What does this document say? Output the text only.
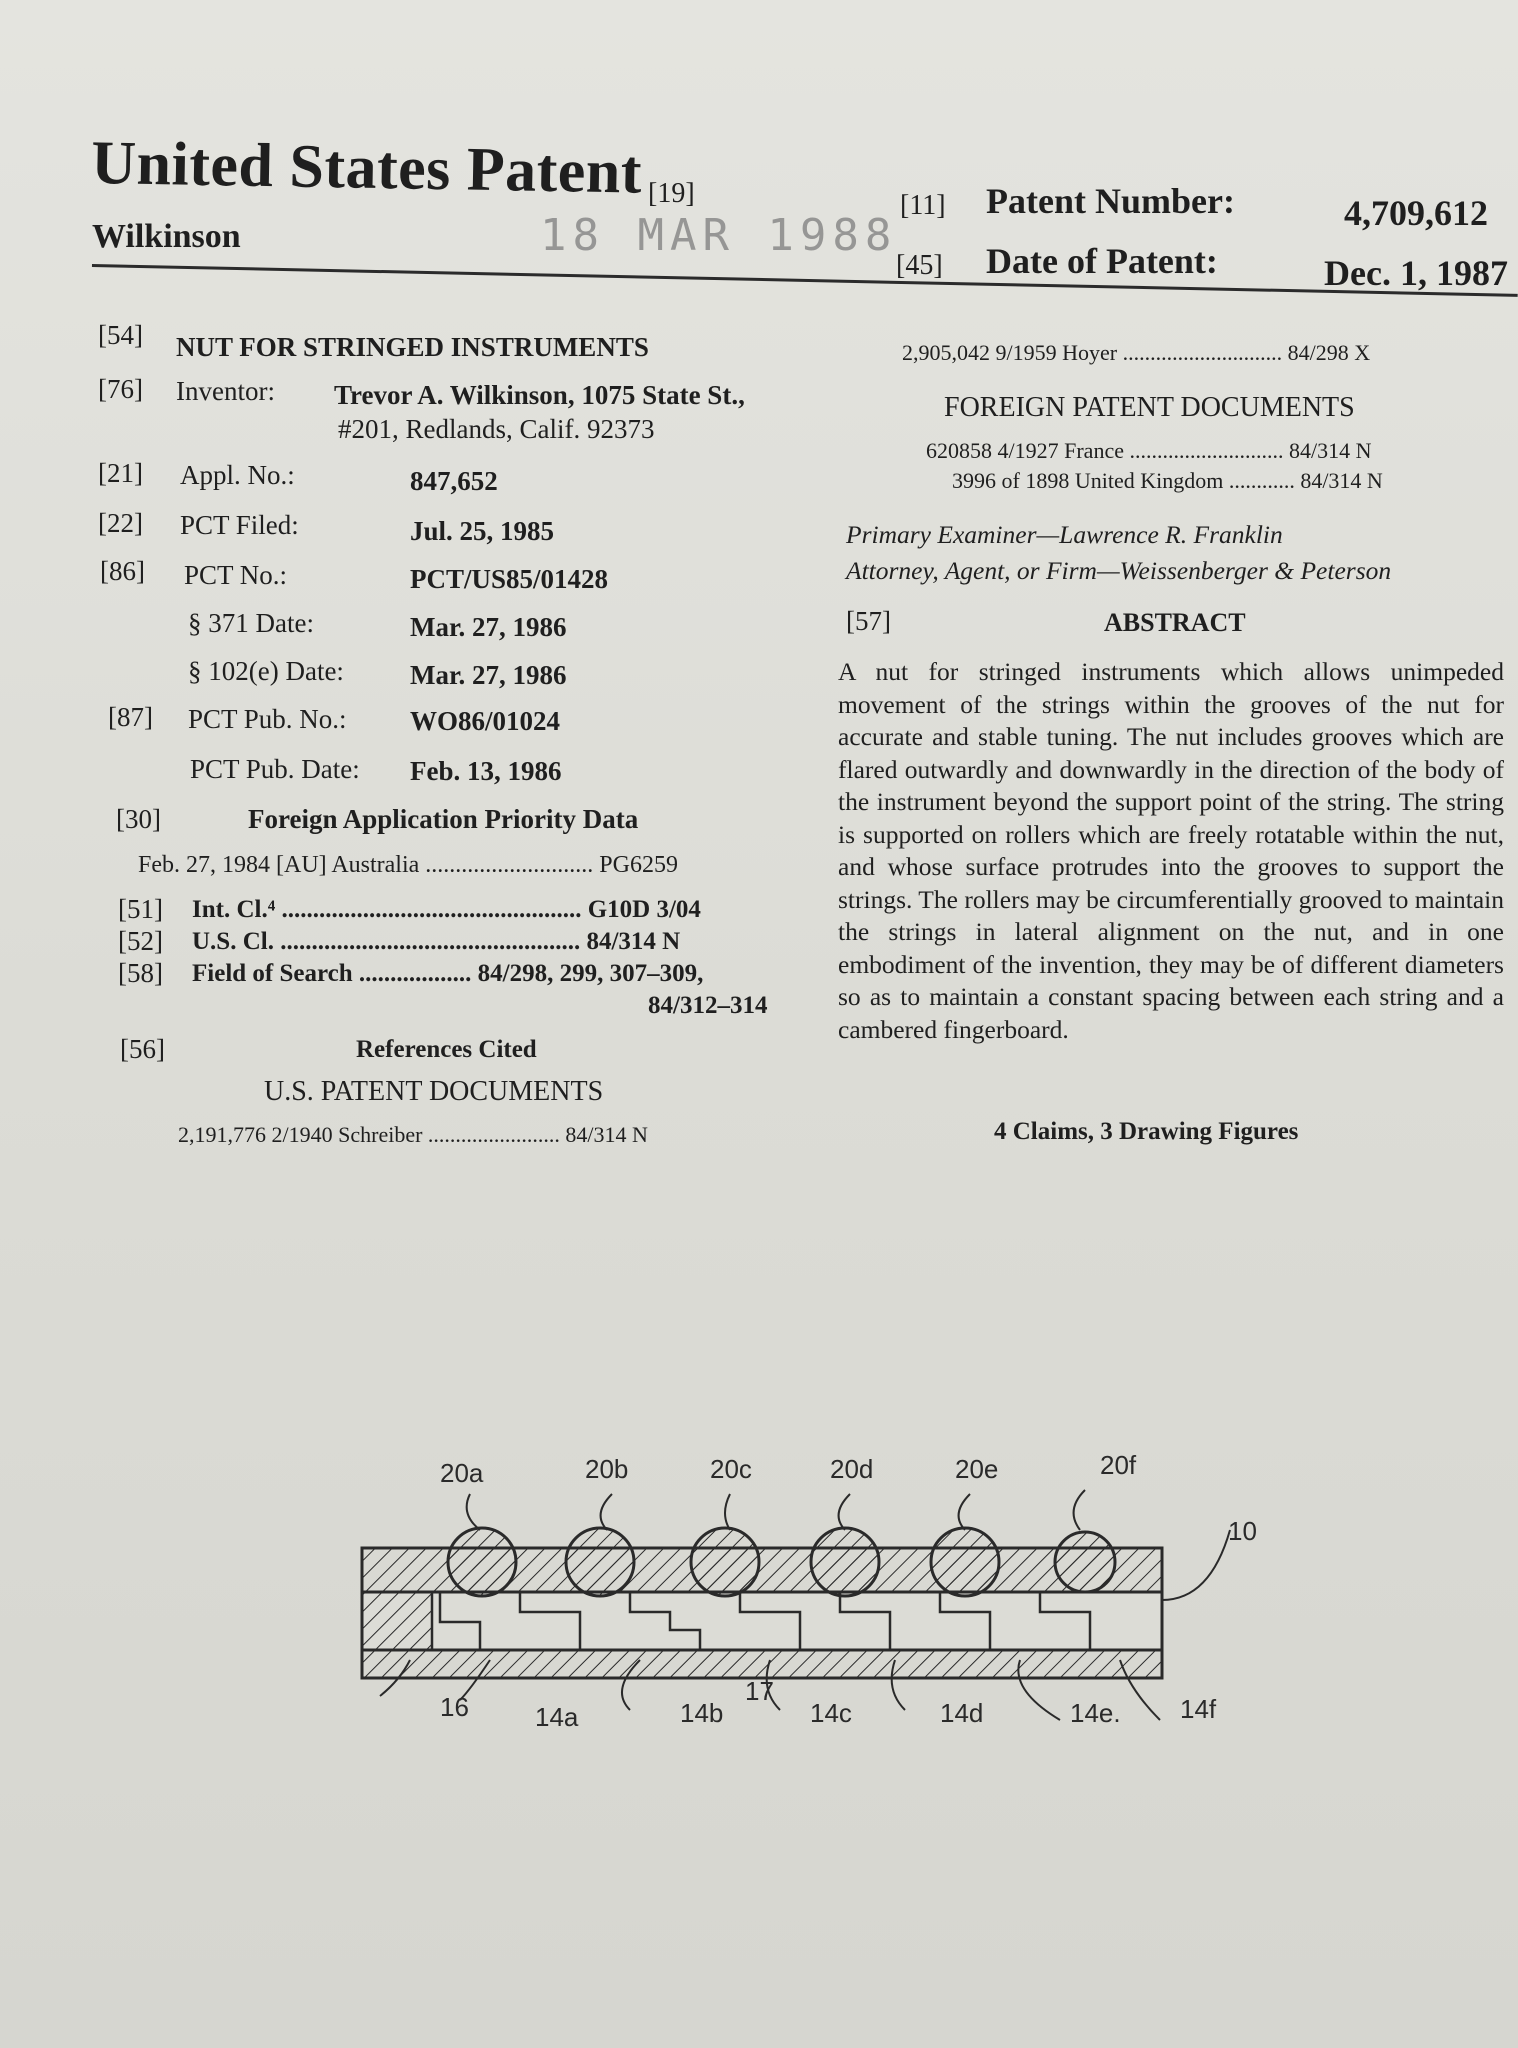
United States Patent [19]
Wilkinson	18 MAR 1988
[11] Patent Number:	4,709,612
[45] Date of Patent:	Dec. 1, 1987
[54] NUT FOR STRINGED INSTRUMENTS
[76] Inventor: Trevor A. Wilkinson, 1075 State St.,
#201, Redlands, Calif. 92373
[21] Appl. No.:	847,652
[22] PCT Filed:	Jul. 25, 1985
[86] PCT No.:	PCT/US85/01428
§ 371 Date:	Mar. 27, 1986
§ 102(e) Date: Mar. 27, 1986
[87] PCT Pub. No.: WO86/01024
PCT Pub. Date: Feb. 13, 1986
[30]	Foreign Application Priority Data
Feb. 27, 1984 [AU] Australia ............................ PG6259
[51] Int. Cl.⁴ ................................................ G10D 3/04
[52] U.S. Cl. ................................................ 84/314 N
[58] Field of Search .................. 84/298, 299, 307–309,
84/312–314
[56]	References Cited
U.S. PATENT DOCUMENTS
2,191,776 2/1940 Schreiber ........................ 84/314 N
2,905,042 9/1959 Hoyer ............................. 84/298 X
FOREIGN PATENT DOCUMENTS
620858 4/1927 France ............................ 84/314 N
3996 of 1898 United Kingdom ............ 84/314 N
Primary Examiner—Lawrence R. Franklin
Attorney, Agent, or Firm—Weissenberger & Peterson
[57]	ABSTRACT
A nut for stringed instruments which allows unimpeded movement of the strings within the grooves of the nut for accurate and stable tuning. The nut includes grooves which are flared outwardly and downwardly in the direction of the body of the instrument beyond the support point of the string. The string is supported on rollers which are freely rotatable within the nut, and whose surface protrudes into the grooves to support the strings. The rollers may be circumferentially grooved to maintain the strings in lateral alignment on the nut, and in one embodiment of the invention, they may be of different diameters so as to maintain a constant spacing between each string and a cambered fingerboard.
4 Claims, 3 Drawing Figures
20a	20b	20c	20d	20e	20f
10
16	14a	14b
17
14c	14d	14e. 14f
